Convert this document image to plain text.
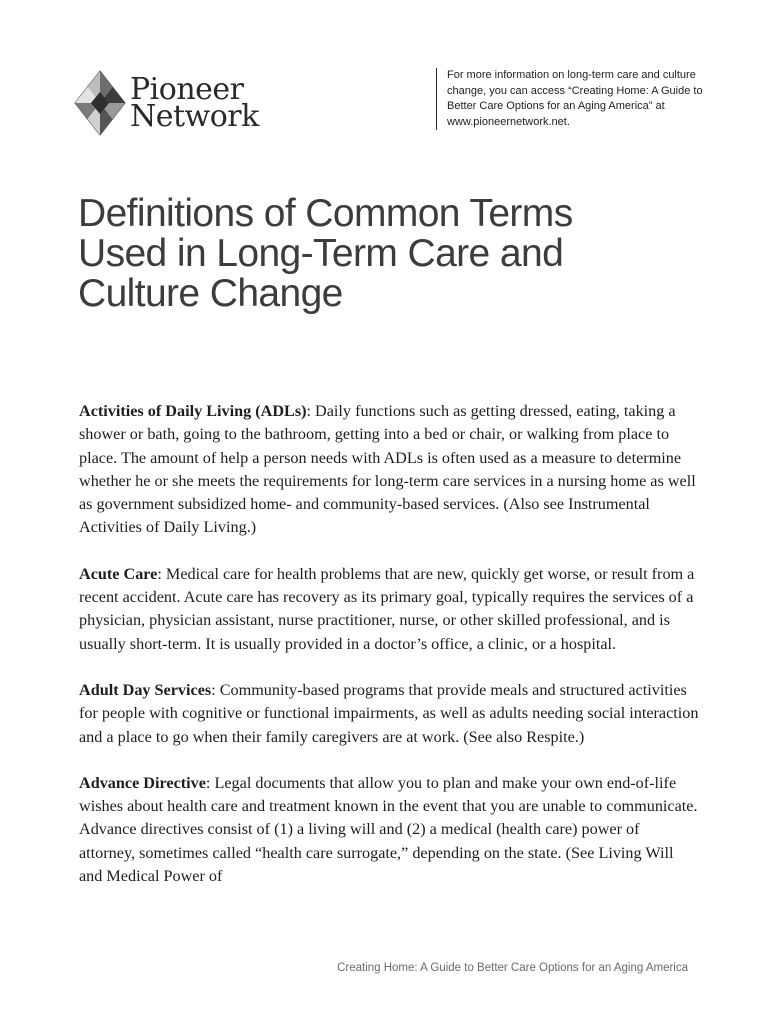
Pioneer
Network
For more information on long-term care and culture change, you can access “Creating Home: A Guide to Better Care Options for an Aging America” at www.pioneernetwork.net.
Definitions of Common Terms
Used in Long-Term Care and
Culture Change

Activities of Daily Living (ADLs): Daily functions such as getting dressed, eating, taking a shower or bath, going to the bathroom, getting into a bed or chair, or walking from place to place. The amount of help a person needs with ADLs is often used as a measure to determine whether he or she meets the requirements for long-term care services in a nursing home as well as government subsidized home- and community-based services. (Also see Instrumental Activities of Daily Living.)

Acute Care: Medical care for health problems that are new, quickly get worse, or result from a recent accident. Acute care has recovery as its primary goal, typically requires the services of a physician, physician assistant, nurse practitioner, nurse, or other skilled professional, and is usually short-term. It is usually provided in a doctor’s office, a clinic, or a hospital.

Adult Day Services: Community-based programs that provide meals and structured activities for people with cognitive or functional impairments, as well as adults needing social interaction and a place to go when their family caregivers are at work. (See also Respite.)

Advance Directive: Legal documents that allow you to plan and make your own end-of-life wishes about health care and treatment known in the event that you are unable to communicate. Advance directives consist of (1) a living will and (2) a medical (health care) power of attorney, sometimes called “health care surrogate,” depending on the state. (See Living Will and Medical Power of

Creating Home: A Guide to Better Care Options for an Aging America
